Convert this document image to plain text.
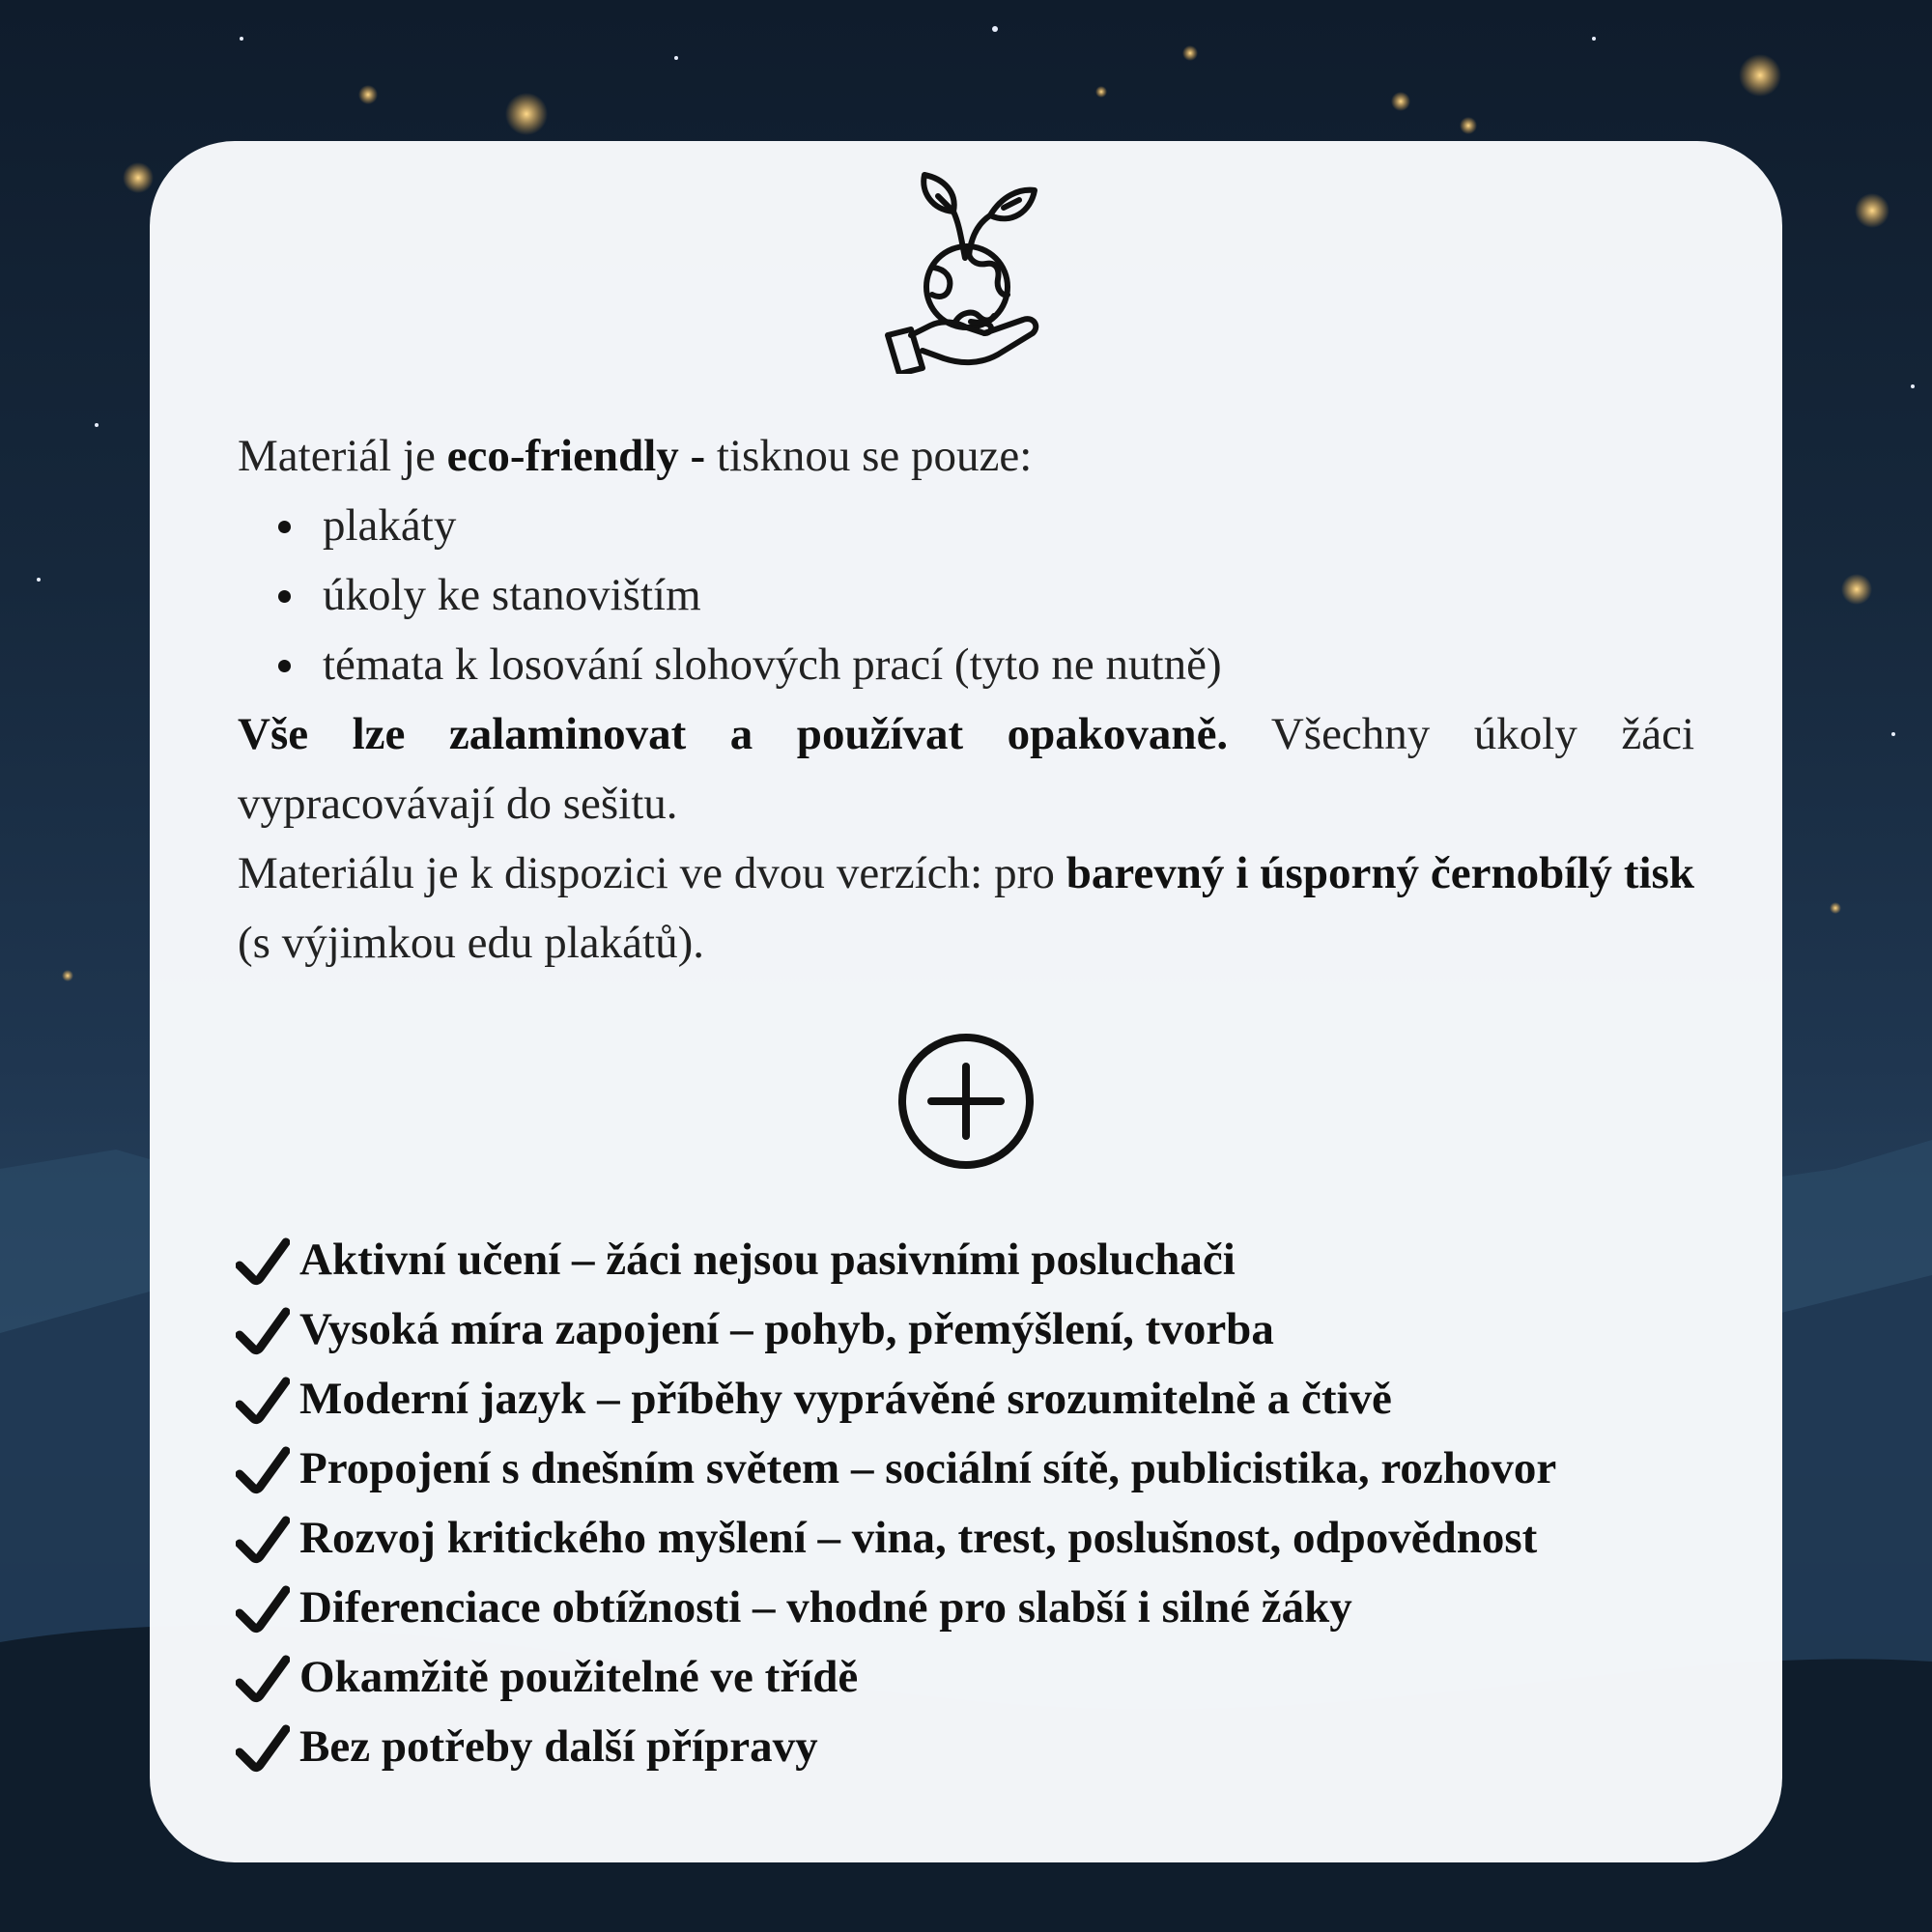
Materiál je eco-friendly - tisknou se pouze:

plakáty
úkoly ke stanovištím
témata k losování slohových prací (tyto ne nutně)

Vše lze zalaminovat a používat opakovaně. Všechny úkoly žáci vypracovávají do sešitu.

Materiálu je k dispozici ve dvou verzích: pro barevný i úsporný černobílý tisk (s výjimkou edu plakátů).

Aktivní učení – žáci nejsou pasivními posluchači
Vysoká míra zapojení – pohyb, přemýšlení, tvorba
Moderní jazyk – příběhy vyprávěné srozumitelně a čtivě
Propojení s dnešním světem – sociální sítě, publicistika, rozhovor
Rozvoj kritického myšlení – vina, trest, poslušnost, odpovědnost
Diferenciace obtížnosti – vhodné pro slabší i silné žáky
Okamžitě použitelné ve třídě
Bez potřeby další přípravy
